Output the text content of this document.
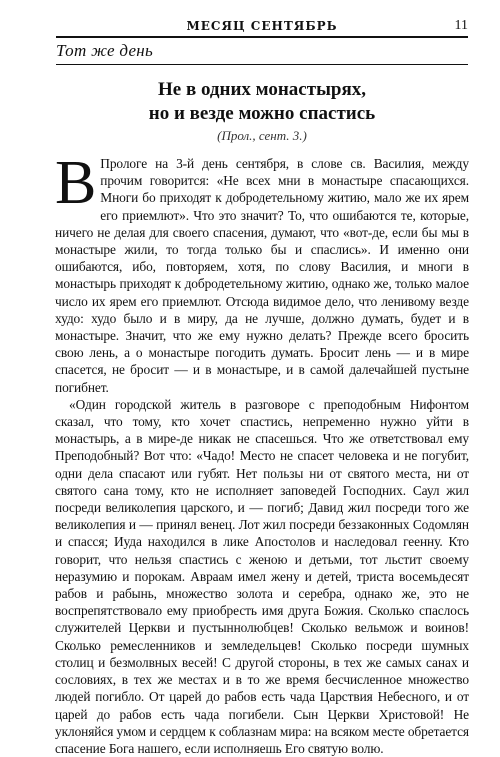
МЕСЯЦ СЕНТЯБРЬ	11
Тот же день
Не в одних монастырях,
но и везде можно спастись
(Прол., сент. 3.)

В Прологе на 3-й день сентября, в слове св. Василия, между прочим говорится: «Не всех мни в монастыре спасающихся. Многи бо приходят к добродетельному житию, мало же их ярем его приемлют». Что это значит? То, что ошибаются те, которые, ничего не делая для своего спасения, думают, что «вот-де, если бы мы в монастыре жили, то тогда только бы и спаслись». И именно они ошибаются, ибо, повторяем, хотя, по слову Василия, и многи в монастырь приходят к добродетельному житию, однако же, только малое число их ярем его приемлют. Отсюда видимое дело, что ленивому везде худо: худо было и в миру, да не лучше, должно думать, будет и в монастыре. Значит, что же ему нужно делать? Прежде всего бросить свою лень, а о монастыре погодить думать. Бросит лень — и в мире спасется, не бросит — и в монастыре, и в самой далечайшей пустыне погибнет.

«Один городской житель в разговоре с преподобным Нифонтом сказал, что тому, кто хочет спастись, непременно нужно уйти в монастырь, а в мире-де никак не спасешься. Что же ответствовал ему Преподобный? Вот что: «Чадо! Место не спасет человека и не погубит, одни дела спасают или губят. Нет пользы ни от святого места, ни от святого сана тому, кто не исполняет заповедей Господних. Саул жил посреди великолепия царского, и — погиб; Давид жил посреди того же великолепия и — принял венец. Лот жил посреди беззаконных Содомлян и спасся; Иуда находился в лике Апостолов и наследовал геенну. Кто говорит, что нельзя спастись с женою и детьми, тот льстит своему неразумию и порокам. Авраам имел жену и детей, триста восемьдесят рабов и рабынь, множество золота и серебра, однако же, это не воспрепятствовало ему приобресть имя друга Божия. Сколько спаслось служителей Церкви и пустыннолюбцев! Сколько вельмож и воинов! Сколько ремесленников и земледельцев! Сколько посреди шумных столиц и безмолвных весей! С другой стороны, в тех же самых санах и сословиях, в тех же местах и в то же время бесчисленное множество людей погибло. От царей до рабов есть чада Царствия Небесного, и от царей до рабов есть чада погибели. Сын Церкви Христовой! Не уклоняйся умом и сердцем к соблазнам мира: на всяком месте обретается спасение Бога нашего, если исполняешь Его святую волю.
